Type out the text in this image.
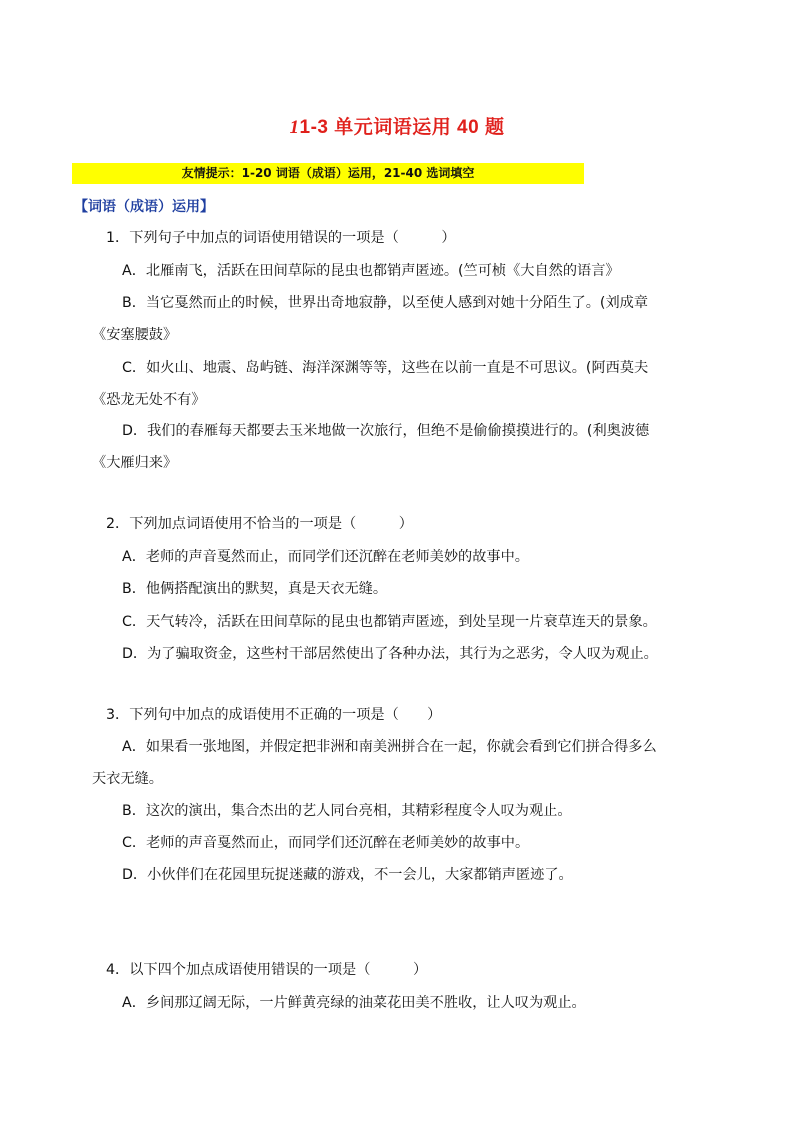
11-3 单元词语运用 40 题
友情提示：1-20 词语（成语）运用，21-40 选词填空
【词语（成语）运用】
1．下列句子中加点的词语使用错误的一项是（　　　）
A．北雁南飞，活跃在田间草际的昆虫也都销声匿迹。(竺可桢《大自然的语言》
B．当它戛然而止的时候，世界出奇地寂静，以至使人感到对她十分陌生了。(刘成章
《安塞腰鼓》
C．如火山、地震、岛屿链、海洋深渊等等，这些在以前一直是不可思议。(阿西莫夫
《恐龙无处不有》
D．我们的春雁每天都要去玉米地做一次旅行，但绝不是偷偷摸摸进行的。(利奥波德
《大雁归来》
2．下列加点词语使用不恰当的一项是（　　　）
A．老师的声音戛然而止，而同学们还沉醉在老师美妙的故事中。
B．他俩搭配演出的默契，真是天衣无缝。
C．天气转冷，活跃在田间草际的昆虫也都销声匿迹，到处呈现一片衰草连天的景象。
D．为了骗取资金，这些村干部居然使出了各种办法，其行为之恶劣，令人叹为观止。
3．下列句中加点的成语使用不正确的一项是（　　）
A．如果看一张地图，并假定把非洲和南美洲拼合在一起，你就会看到它们拼合得多么
天衣无缝。
B．这次的演出，集合杰出的艺人同台亮相，其精彩程度令人叹为观止。
C．老师的声音戛然而止，而同学们还沉醉在老师美妙的故事中。
D．小伙伴们在花园里玩捉迷藏的游戏，不一会儿，大家都销声匿迹了。
4．以下四个加点成语使用错误的一项是（　　　）
A．乡间那辽阔无际，一片鲜黄亮绿的油菜花田美不胜收，让人叹为观止。
